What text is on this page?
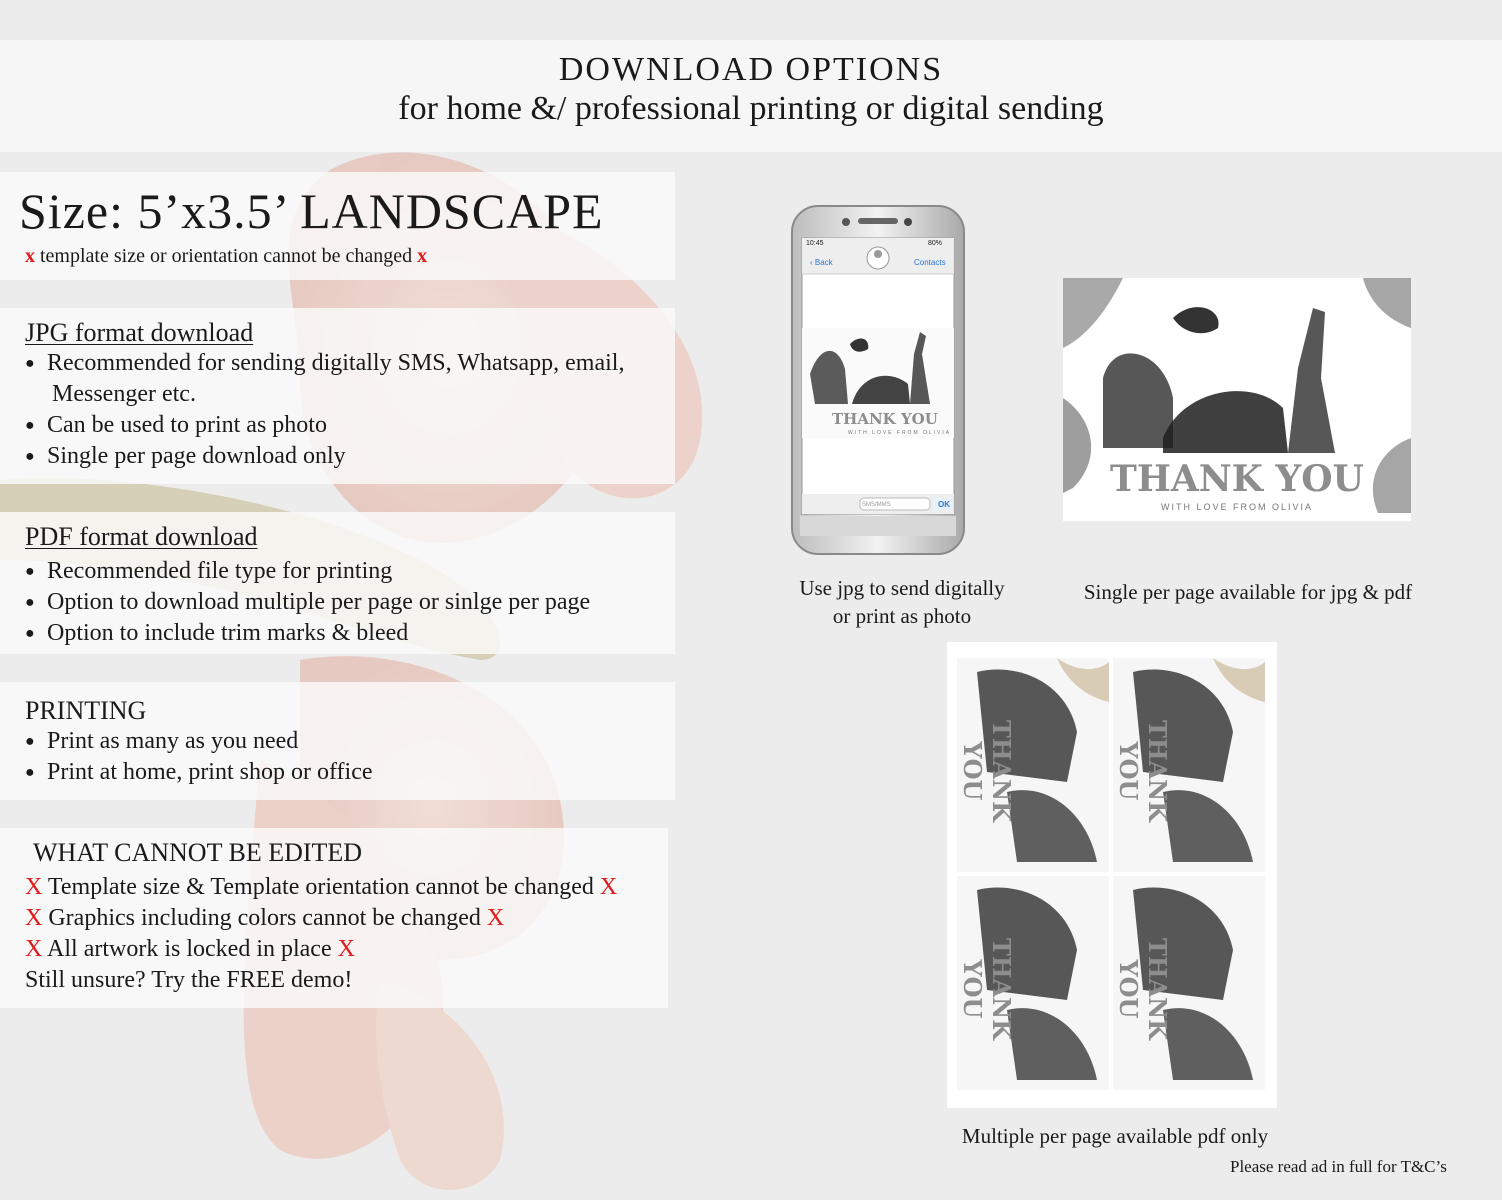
DOWNLOAD OPTIONS
for home &/ professional printing or digital sending
Size: 5’x3.5’ LANDSCAPE
x template size or orientation cannot be changed x
JPG format download
● Recommended for sending digitally SMS, Whatsapp, email,
Messenger etc.
● Can be used to print as photo
● Single per page download only
PDF format download
● Recommended file type for printing
● Option to download multiple per page or sinlge per page
● Option to include trim marks & bleed
PRINTING
● Print as many as you need
● Print at home, print shop or office
WHAT CANNOT BE EDITED
X Template size & Template orientation cannot be changed X
X Graphics including colors cannot be changed X
X All artwork is locked in place X
Still unsure? Try the FREE demo!
10:45	80%
‹ Back	Contacts
THANK YOU
WITH LOVE FROM OLIVIA
SMS/MMS	OK
Use jpg to send digitally
or print as photo
THANK YOU
WITH LOVE FROM OLIVIA
Single per page available for jpg & pdf
THANK YOU	THANK YOU
THANK YOU	THANK YOU
Multiple per page available pdf only
Please read ad in full for T&C’s
